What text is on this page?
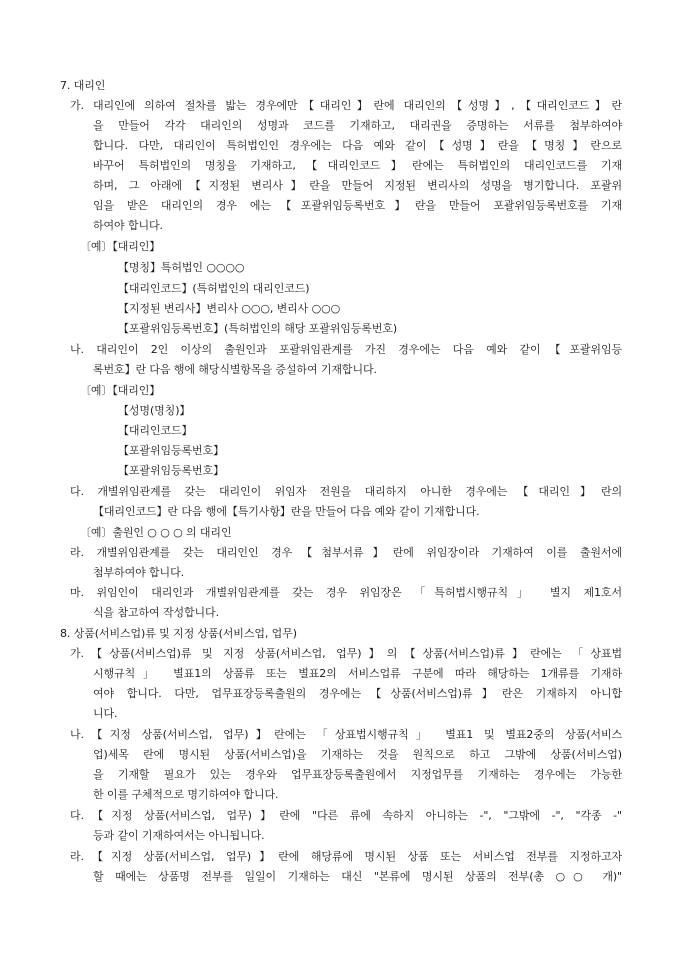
7. 대리인
가. 대리인에 의하여 절차를 밟는 경우에만【대리인】란에 대리인의【성명】,【대리인코드】란
을 만들어 각각 대리인의 성명과 코드를 기재하고, 대리권을 증명하는 서류를 첨부하여야
합니다. 다만, 대리인이 특허법인인 경우에는 다음 예와 같이【성명】란을【명칭】란으로
바꾸어 특허법인의 명칭을 기재하고,【대리인코드】란에는 특허법인의 대리인코드를 기재
하며, 그 아래에【지정된 변리사】란을 만들어 지정된 변리사의 성명을 병기합니다. 포괄위
임을 받은 대리인의 경우 에는【포괄위임등록번호】란을 만들어 포괄위임등록번호를 기재
하여야 합니다.
〔예〕【대리인】
【명칭】특허법인 ○○○○
【대리인코드】(특허법인의 대리인코드)
【지정된 변리사】변리사 ○○○, 변리사 ○○○
【포괄위임등록번호】(특허법인의 해당 포괄위임등록번호)
나. 대리인이 2인 이상의 출원인과 포괄위임관계를 가진 경우에는 다음 예와 같이【포괄위임등
록번호】란 다음 행에 해당식별항목을 증설하여 기재합니다.
〔예〕【대리인】
【성명(명칭)】
【대리인코드】
【포괄위임등록번호】
【포괄위임등록번호】
다. 개별위임관계를 갖는 대리인이 위임자 전원을 대리하지 아니한 경우에는【대리인】란의
【대리인코드】란 다음 행에【특기사항】란을 만들어 다음 예와 같이 기재합니다.
〔예〕출원인 ○ ○ ○ 의 대리인
라. 개별위임관계를 갖는 대리인인 경우【첨부서류】란에 위임장이라 기재하여 이를 출원서에
첨부하여야 합니다.
마. 위임인이 대리인과 개별위임관계를 갖는 경우 위임장은 「특허법시행규칙」 별지 제1호서
식을 참고하여 작성합니다.
8. 상품(서비스업)류 및 지정 상품(서비스업, 업무)
가.【상품(서비스업)류 및 지정 상품(서비스업, 업무)】의【상품(서비스업)류】란에는 「상표법
시행규칙」 별표1의 상품류 또는 별표2의 서비스업류 구분에 따라 해당하는 1개류를 기재하
여야 합니다. 다만, 업무표장등록출원의 경우에는【상품(서비스업)류】란은 기재하지 아니합
니다.
나.【지정 상품(서비스업, 업무)】란에는 「상표법시행규칙」 별표1 및 별표2중의 상품(서비스
업)세목 란에 명시된 상품(서비스업)을 기재하는 것을 원칙으로 하고 그밖에 상품(서비스업)
을 기재할 필요가 있는 경우와 업무표장등록출원에서 지정업무를 기재하는 경우에는 가능한
한 이를 구체적으로 명기하여야 합니다.
다.【지정 상품(서비스업, 업무)】란에 "다른 류에 속하지 아니하는 -", "그밖에 -", "각종 -"
등과 같이 기재하여서는 아니됩니다.
라.【지정 상품(서비스업, 업무)】란에 해당류에 명시된 상품 또는 서비스업 전부를 지정하고자
할 때에는 상품명 전부를 일일이 기재하는 대신 "본류에 명시된 상품의 전부(총 ○○ 개)"
